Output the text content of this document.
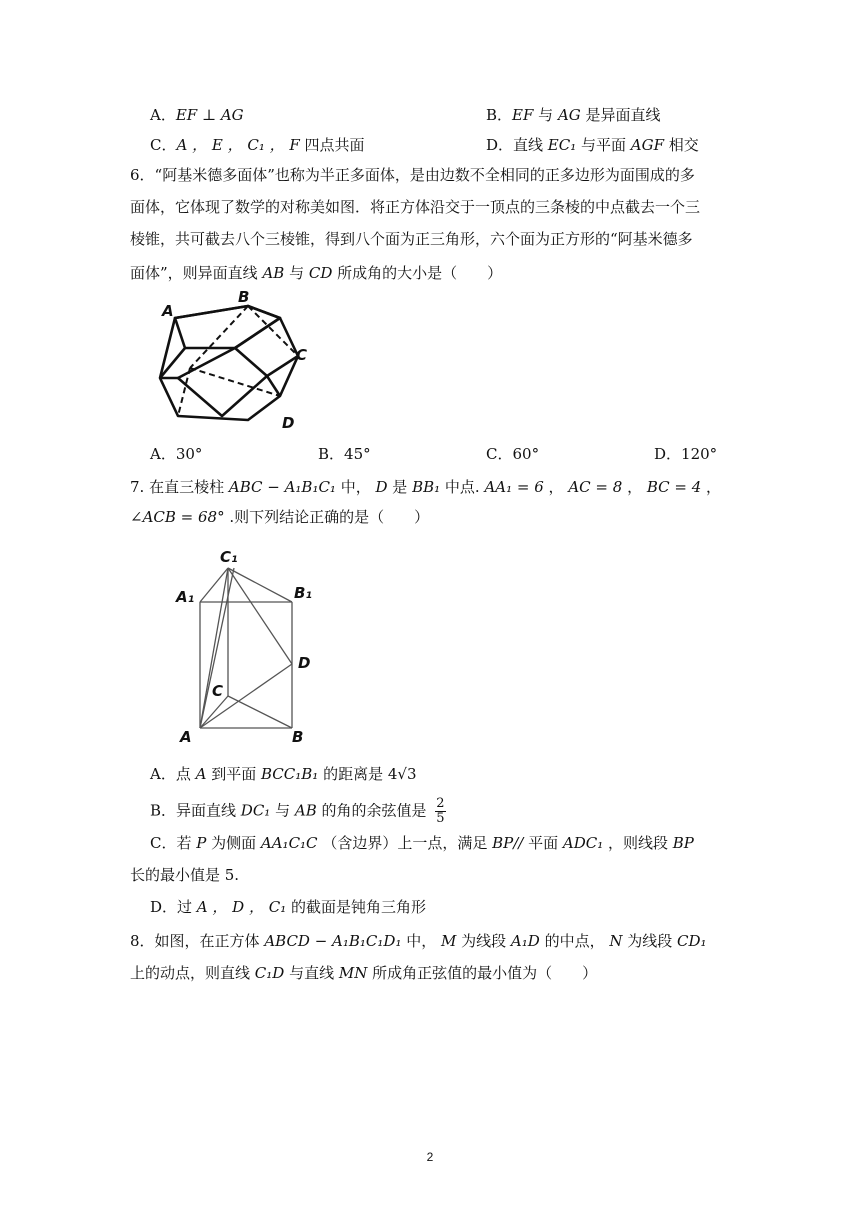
A．EF ⊥ AG	B．EF 与 AG 是异面直线
C．A ， E ， C₁ ， F 四点共面	D．直线 EC₁ 与平面 AGF 相交
6．“阿基米德多面体”也称为半正多面体，是由边数不全相同的正多边形为面围成的多
面体，它体现了数学的对称美如图．将正方体沿交于一顶点的三条棱的中点截去一个三
棱锥，共可截去八个三棱锥，得到八个面为正三角形，六个面为正方形的“阿基米德多
面体”，则异面直线 AB 与 CD 所成角的大小是（　　）
A
B
C
D
A．30°	B．45°	C．60°	D．120°
7. 在直三棱柱 ABC − A₁B₁C₁ 中， D 是 BB₁ 中点. AA₁ = 6 ， AC = 8 ， BC = 4 ，
∠ACB = 68° .则下列结论正确的是（　　）
C₁
A₁	B₁
D
C
A	B
A．点 A 到平面 BCC₁B₁ 的距离是 4√3
B．异面直线 DC₁ 与 AB 的角的余弦值是 $\frac{2}{5}$
C．若 P 为侧面 AA₁C₁C （含边界）上一点，满足 BP// 平面 ADC₁ ，则线段 BP
长的最小值是 5.
D．过 A ， D ， C₁ 的截面是钝角三角形
8．如图，在正方体 ABCD − A₁B₁C₁D₁ 中， M 为线段 A₁D 的中点， N 为线段 CD₁
上的动点，则直线 C₁D 与直线 MN 所成角正弦值的最小值为（　　）
2
